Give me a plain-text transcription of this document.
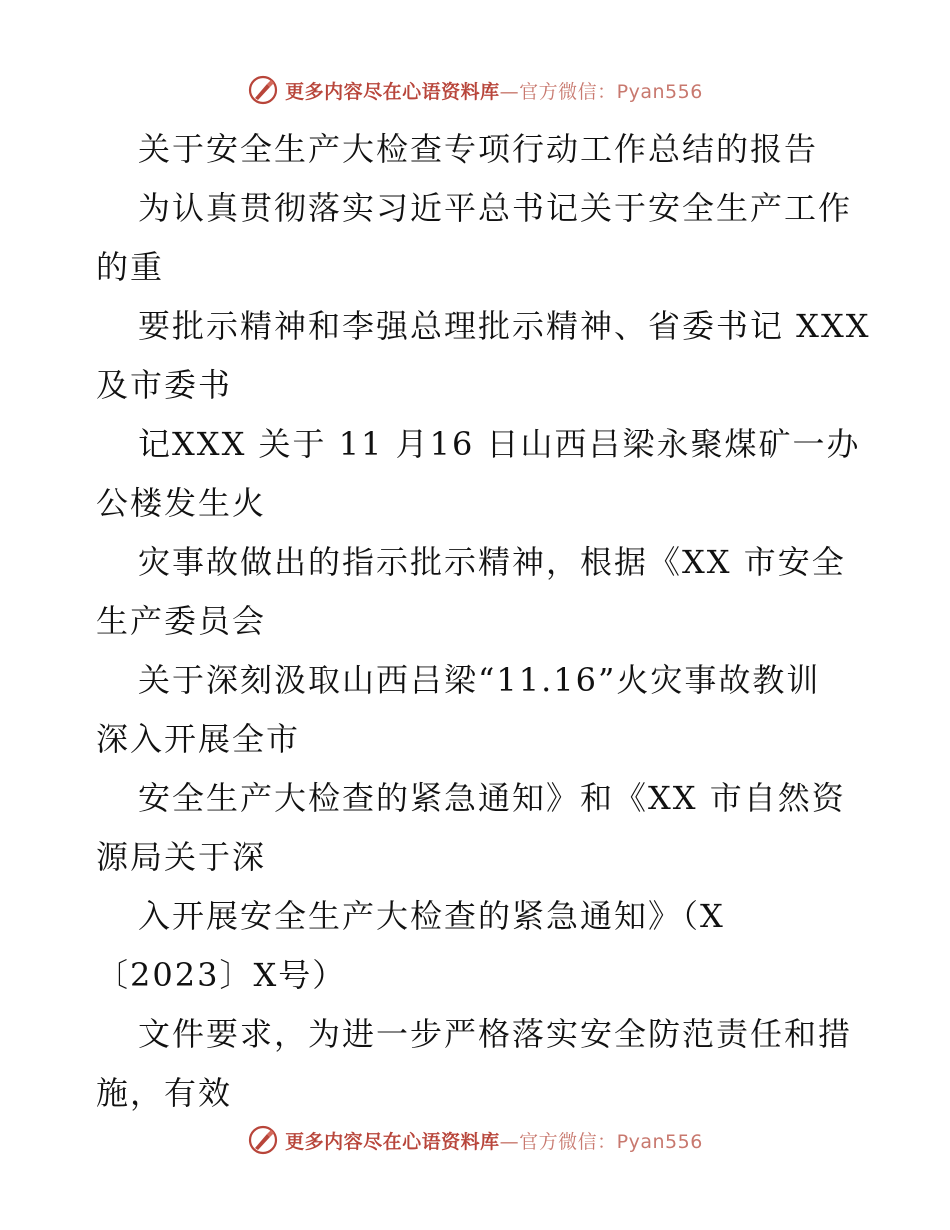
更多内容尽在心语资料库—官方微信：Pyan556
关于安全生产大检查专项行动工作总结的报告
为认真贯彻落实习近平总书记关于安全生产工作
的重
要批示精神和李强总理批示精神、省委书记 XXX
及市委书
记XXX 关于 11 月16 日山西吕梁永聚煤矿一办
公楼发生火
灾事故做出的指示批示精神，根据《XX 市安全
生产委员会
关于深刻汲取山西吕梁“11.16”火灾事故教训
深入开展全市
安全生产大检查的紧急通知》和《XX 市自然资
源局关于深
入开展安全生产大检查的紧急通知》（X
〔2023〕X号）
文件要求，为进一步严格落实安全防范责任和措
施，有效
更多内容尽在心语资料库—官方微信：Pyan556
